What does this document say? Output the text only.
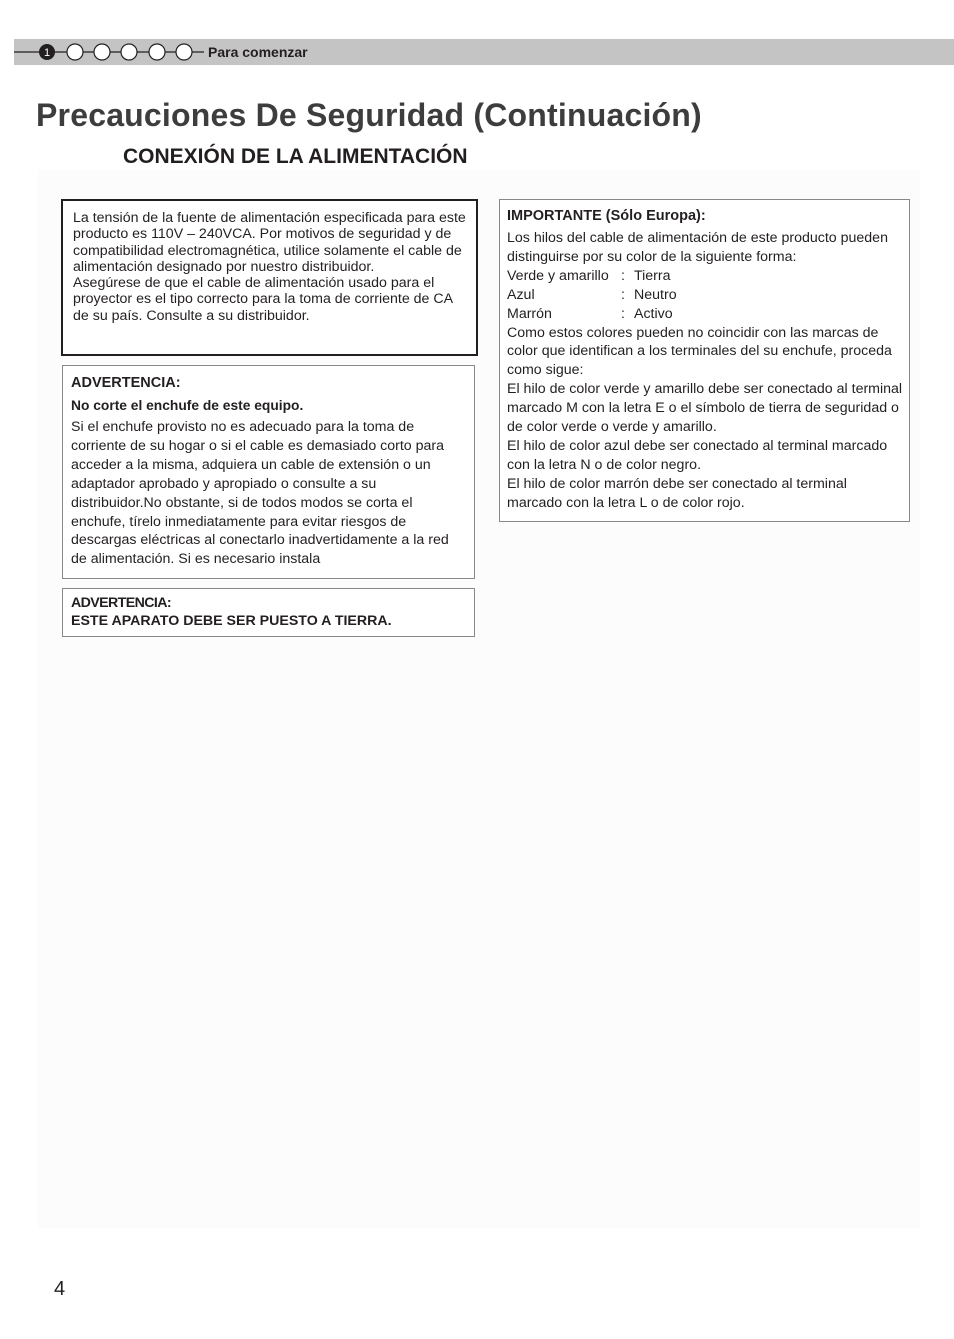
1	Para comenzar
Precauciones De Seguridad (Continuación)
CONEXIÓN DE LA ALIMENTACIÓN

La tensión de la fuente de alimentación especificada para este producto es 110V – 240VCA. Por motivos de seguridad y de compatibilidad electromagnética, utilice solamente el cable de alimentación designado por nuestro distribuidor.

Asegúrese de que el cable de alimentación usado para el proyector es el tipo correcto para la toma de corriente de CA de su país. Consulte a su distribuidor.

ADVERTENCIA:
No corte el enchufe de este equipo.

Si el enchufe provisto no es adecuado para la toma de corriente de su hogar o si el cable es demasiado corto para acceder a la misma, adquiera un cable de extensión o un adaptador aprobado y apropiado o consulte a su distribuidor.No obstante, si de todos modos se corta el enchufe, tírelo inmediatamente para evitar riesgos de descargas eléctricas al conectarlo inadvertidamente a la red de alimentación. Si es necesario instala

ADVERTENCIA:
ESTE APARATO DEBE SER PUESTO A TIERRA.
IMPORTANTE (Sólo Europa):

Los hilos del cable de alimentación de este producto pueden distinguirse por su color de la siguiente forma:

Verde y amarillo : Tierra
Azul	: Neutro
Marrón	: Activo

Como estos colores pueden no coincidir con las marcas de color que identifican a los terminales del su enchufe, proceda como sigue:

El hilo de color verde y amarillo debe ser conectado al terminal marcado M con la letra E o el símbolo de tierra de seguridad o de color verde o verde y amarillo.

El hilo de color azul debe ser conectado al terminal marcado con la letra N o de color negro.

El hilo de color marrón debe ser conectado al terminal marcado con la letra L o de color rojo.

4
